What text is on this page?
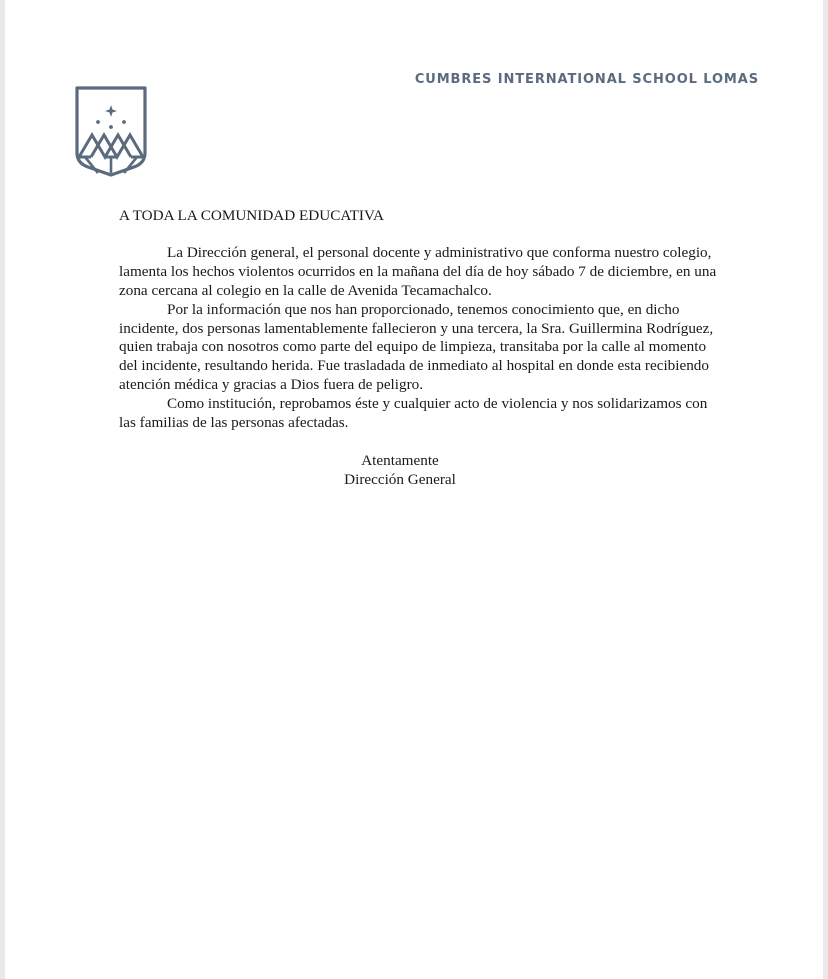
CUMBRES INTERNATIONAL SCHOOL LOMAS

A TODA LA COMUNIDAD EDUCATIVA

La Dirección general, el personal docente y administrativo que conforma nuestro colegio, lamenta los hechos violentos ocurridos en la mañana del día de hoy sábado 7 de diciembre, en una zona cercana al colegio en la calle de Avenida Tecamachalco.

Por la información que nos han proporcionado, tenemos conocimiento que, en dicho incidente, dos personas lamentablemente fallecieron y una tercera, la Sra. Guillermina Rodríguez, quien trabaja con nosotros como parte del equipo de limpieza, transitaba por la calle al momento del incidente, resultando herida. Fue trasladada de inmediato al hospital en donde esta recibiendo atención médica y gracias a Dios fuera de peligro.

Como institución, reprobamos éste y cualquier acto de violencia y nos solidarizamos con las familias de las personas afectadas.

Atentamente
Dirección General
